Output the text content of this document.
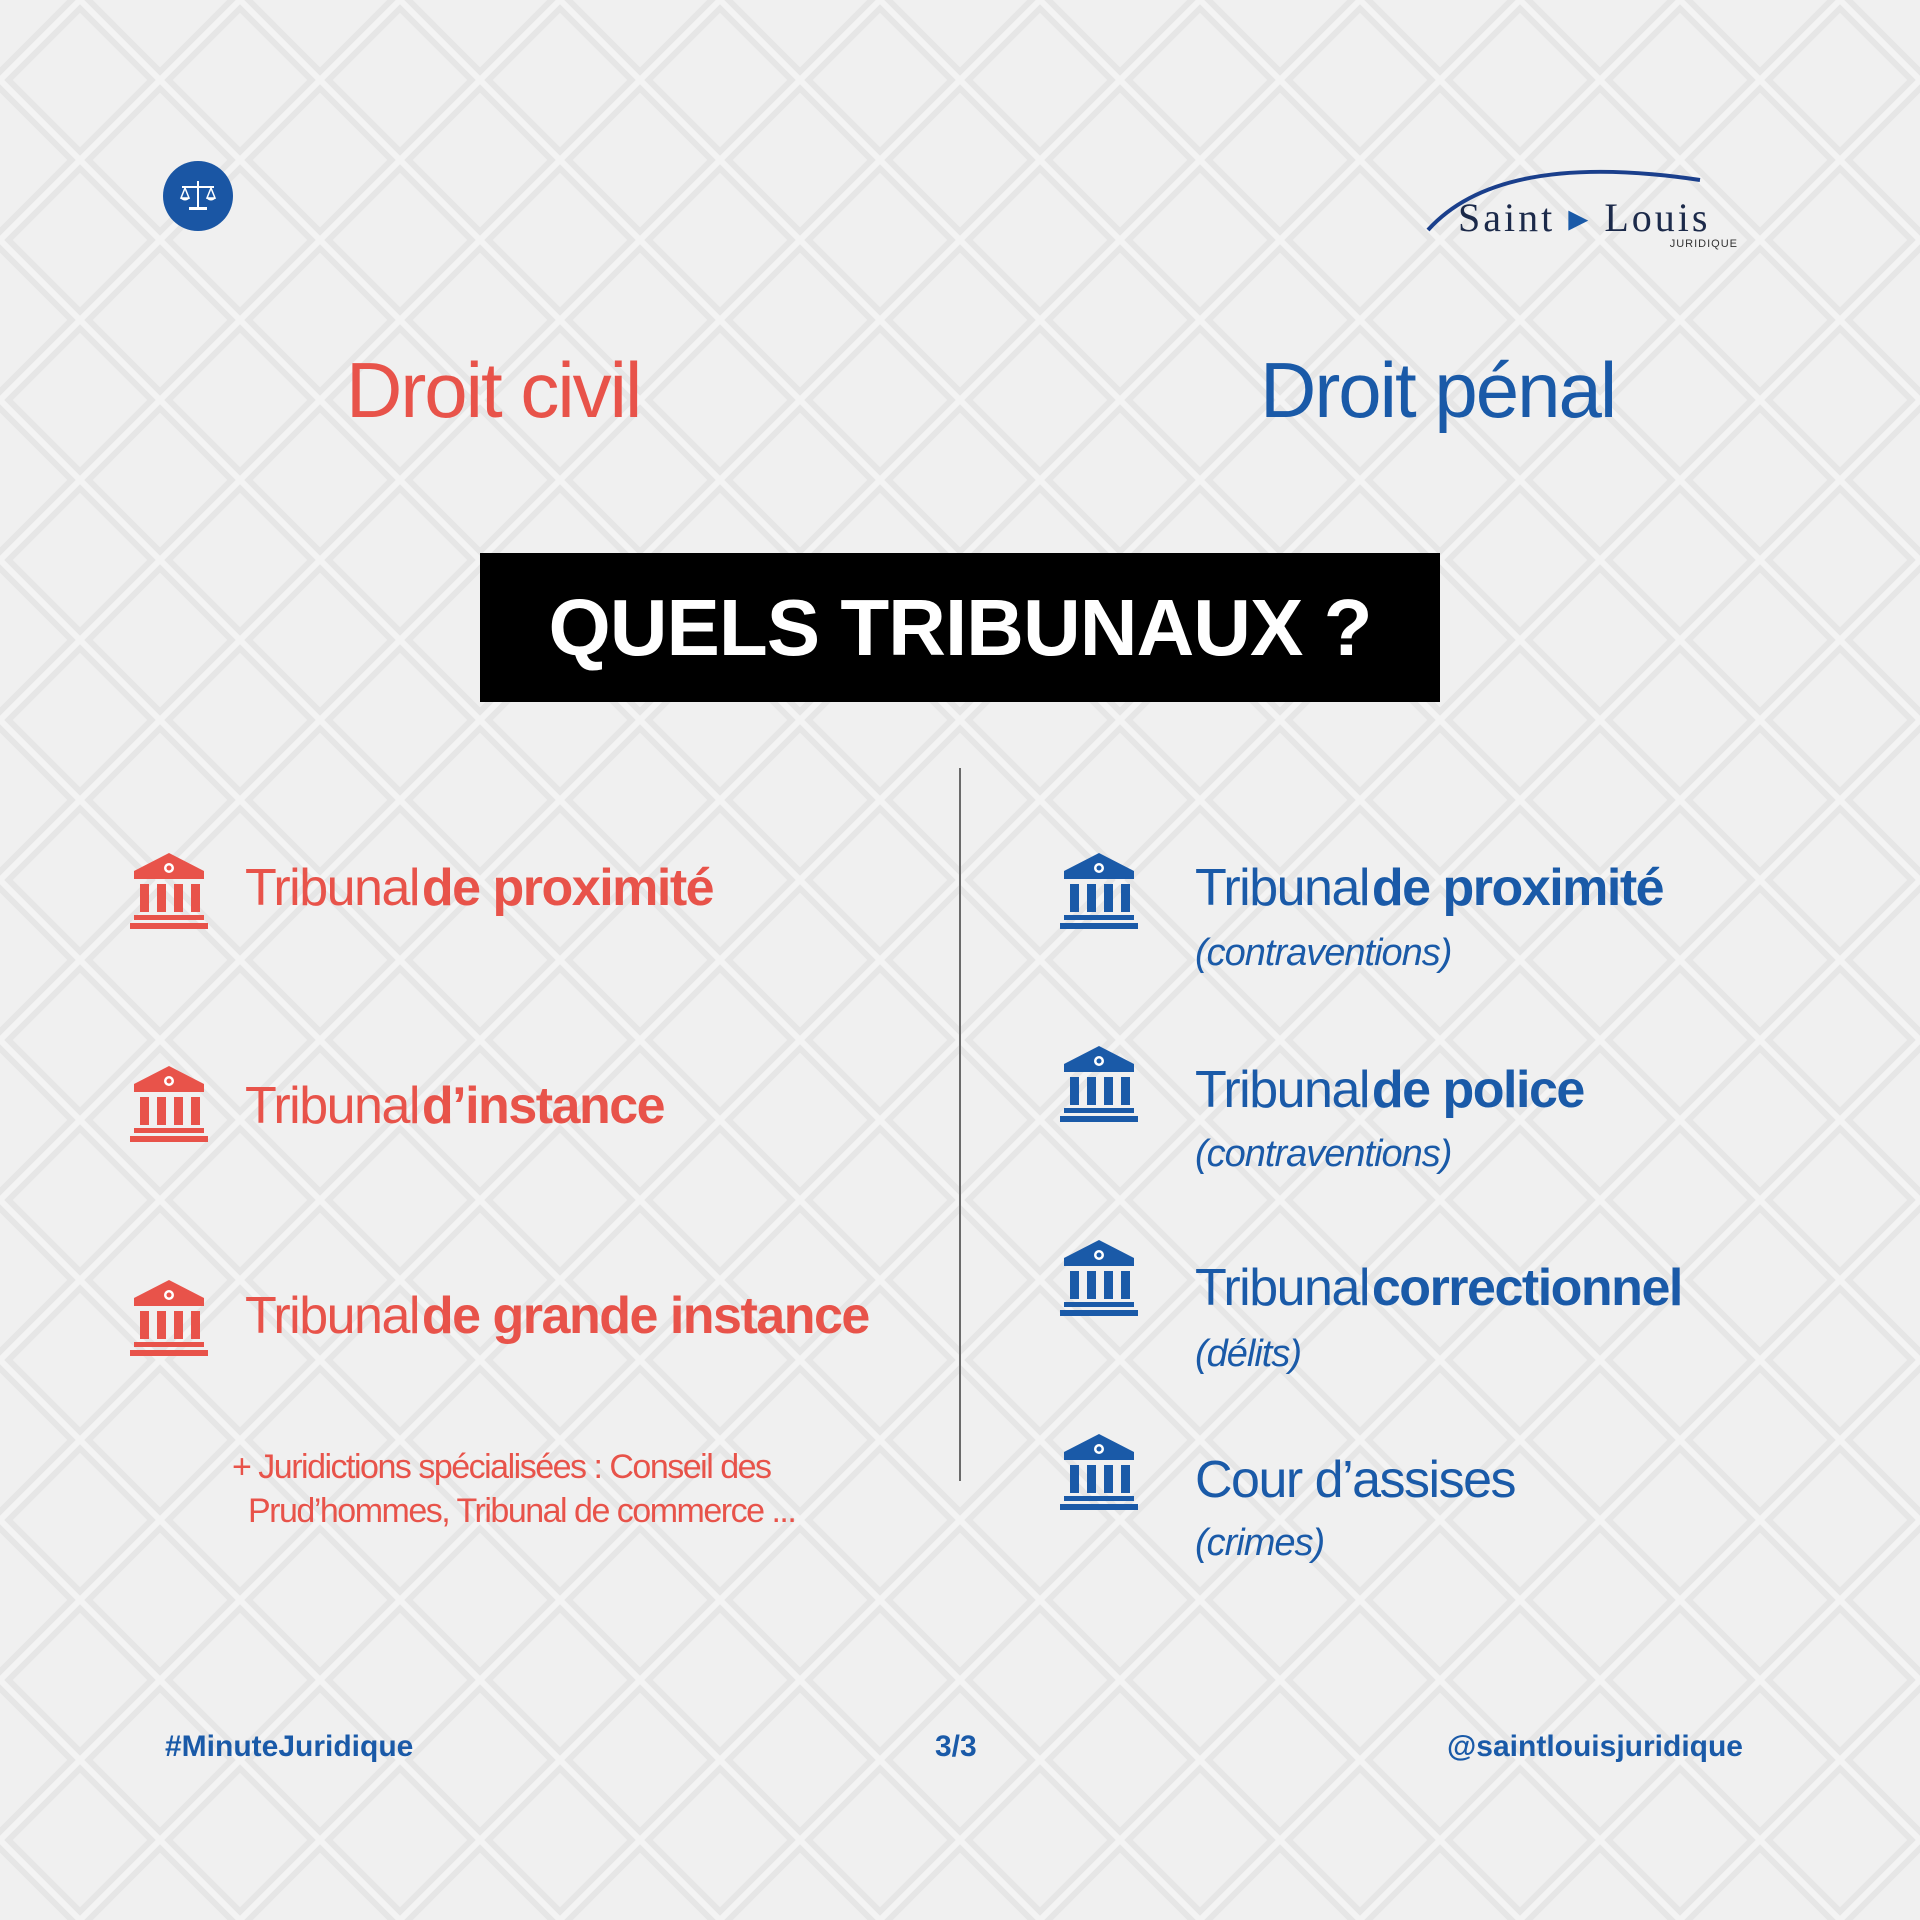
Saint ▸ Louis
JURIDIQUE
Droit civil	Droit pénal
QUELS TRIBUNAUX ?
Tribunal de proximité
Tribunal d’instance
Tribunal de grande instance
+ Juridictions spécialisées : Conseil des
Prud’hommes, Tribunal de commerce ...
Tribunal de proximité
(contraventions)
Tribunal de police
(contraventions)
Tribunal correctionnel
(délits)
Cour d’assises
(crimes)
#MinuteJuridique	3/3	@saintlouisjuridique
